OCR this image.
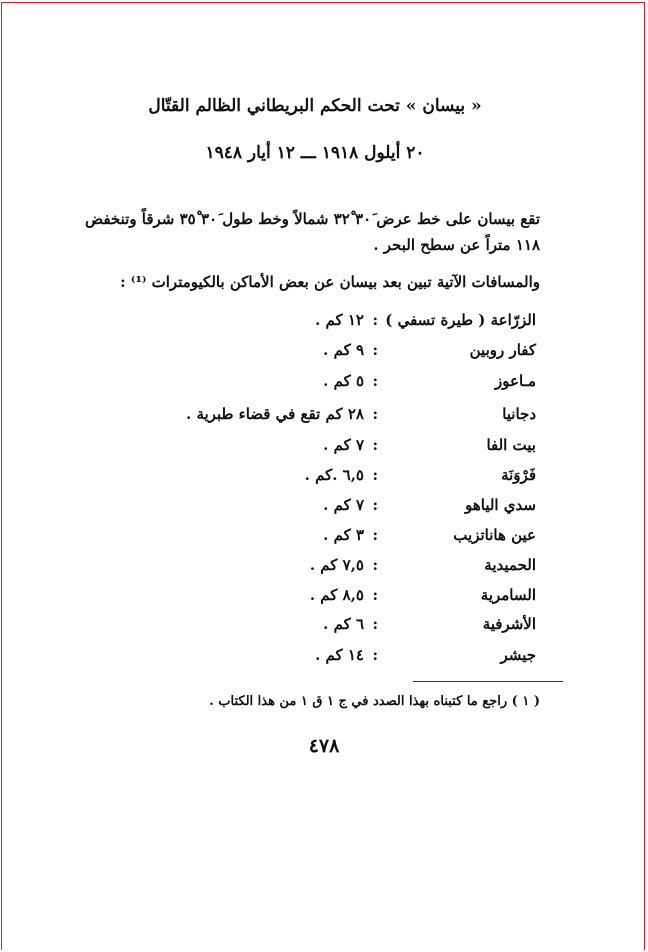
« بيسان » تحت الحكم البريطاني الظالم القتّال
٢٠ أيلول ١٩١٨ ـــ ١٢ أيار ١٩٤٨
تقع بيسان على خط عرض ٣٠َ ٣٢ْ شمالاً وخط طول ٣٠َ ٣٥ْ شرقاً وتنخفض ١١٨ متراً عن سطح البحر .
والمسافات الآتية تبين بعد بيسان عن بعض الأماكن بالكيومترات ⁽¹⁾ :
الزرّاعة ( طيرة تسفي )
:
١٢ كم .
كفار روبين
:
٩ كم .
مـاعوز
:
٥ كم .
دجانيا
:
٢٨ كم تقع في قضاء طبرية .
بيت الفا
:
٧ كم .
فَرْوَنَة
:
٦,٥ .كم .
سدي الياهو
:
٧ كم .
عين هاناتزيب
:
٣ كم .
الحميدية
:
٧,٥ كم .
السامرية
:
٨,٥ كم .
الأشرفية
:
٦ كم .
جيشر
:
١٤ كم .
( ١ ) راجع ما كتبناه بهذا الصدد في ج ١ ق ١ من هذا الكتاب .
٤٧٨
